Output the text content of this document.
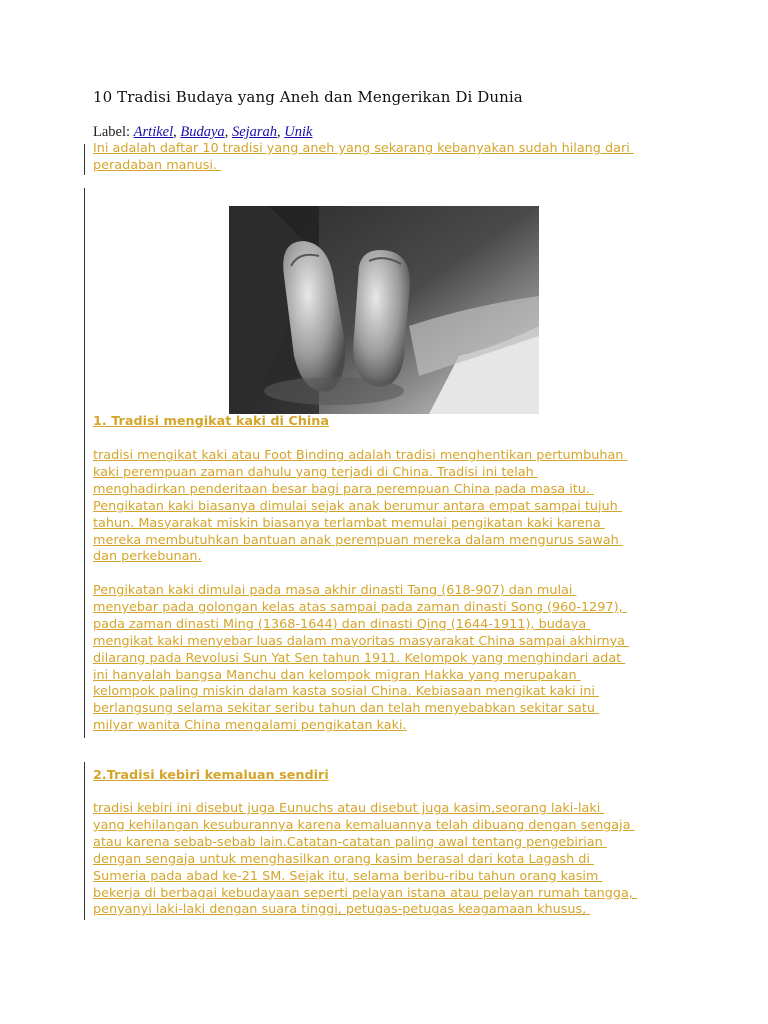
10 Tradisi Budaya yang Aneh dan Mengerikan Di Dunia
Label: Artikel, Budaya, Sejarah, Unik
Ini adalah daftar 10 tradisi yang aneh yang sekarang kebanyakan sudah hilang dari
peradaban manusi.
1. Tradisi mengikat kaki di China
tradisi mengikat kaki atau Foot Binding adalah tradisi menghentikan pertumbuhan
kaki perempuan zaman dahulu yang terjadi di China. Tradisi ini telah
menghadirkan penderitaan besar bagi para perempuan China pada masa itu.
Pengikatan kaki biasanya dimulai sejak anak berumur antara empat sampai tujuh
tahun. Masyarakat miskin biasanya terlambat memulai pengikatan kaki karena
mereka membutuhkan bantuan anak perempuan mereka dalam mengurus sawah
dan perkebunan.
Pengikatan kaki dimulai pada masa akhir dinasti Tang (618-907) dan mulai
menyebar pada golongan kelas atas sampai pada zaman dinasti Song (960-1297),
pada zaman dinasti Ming (1368-1644) dan dinasti Qing (1644-1911), budaya
mengikat kaki menyebar luas dalam mayoritas masyarakat China sampai akhirnya
dilarang pada Revolusi Sun Yat Sen tahun 1911. Kelompok yang menghindari adat
ini hanyalah bangsa Manchu dan kelompok migran Hakka yang merupakan
kelompok paling miskin dalam kasta sosial China. Kebiasaan mengikat kaki ini
berlangsung selama sekitar seribu tahun dan telah menyebabkan sekitar satu
milyar wanita China mengalami pengikatan kaki.
2.Tradisi kebiri kemaluan sendiri
tradisi kebiri ini disebut juga Eunuchs atau disebut juga kasim,seorang laki-laki
yang kehilangan kesuburannya karena kemaluannya telah dibuang dengan sengaja
atau karena sebab-sebab lain.Catatan-catatan paling awal tentang pengebirian
dengan sengaja untuk menghasilkan orang kasim berasal dari kota Lagash di
Sumeria pada abad ke-21 SM. Sejak itu, selama beribu-ribu tahun orang kasim
bekerja di berbagai kebudayaan seperti pelayan istana atau pelayan rumah tangga,
penyanyi laki-laki dengan suara tinggi, petugas-petugas keagamaan khusus,
